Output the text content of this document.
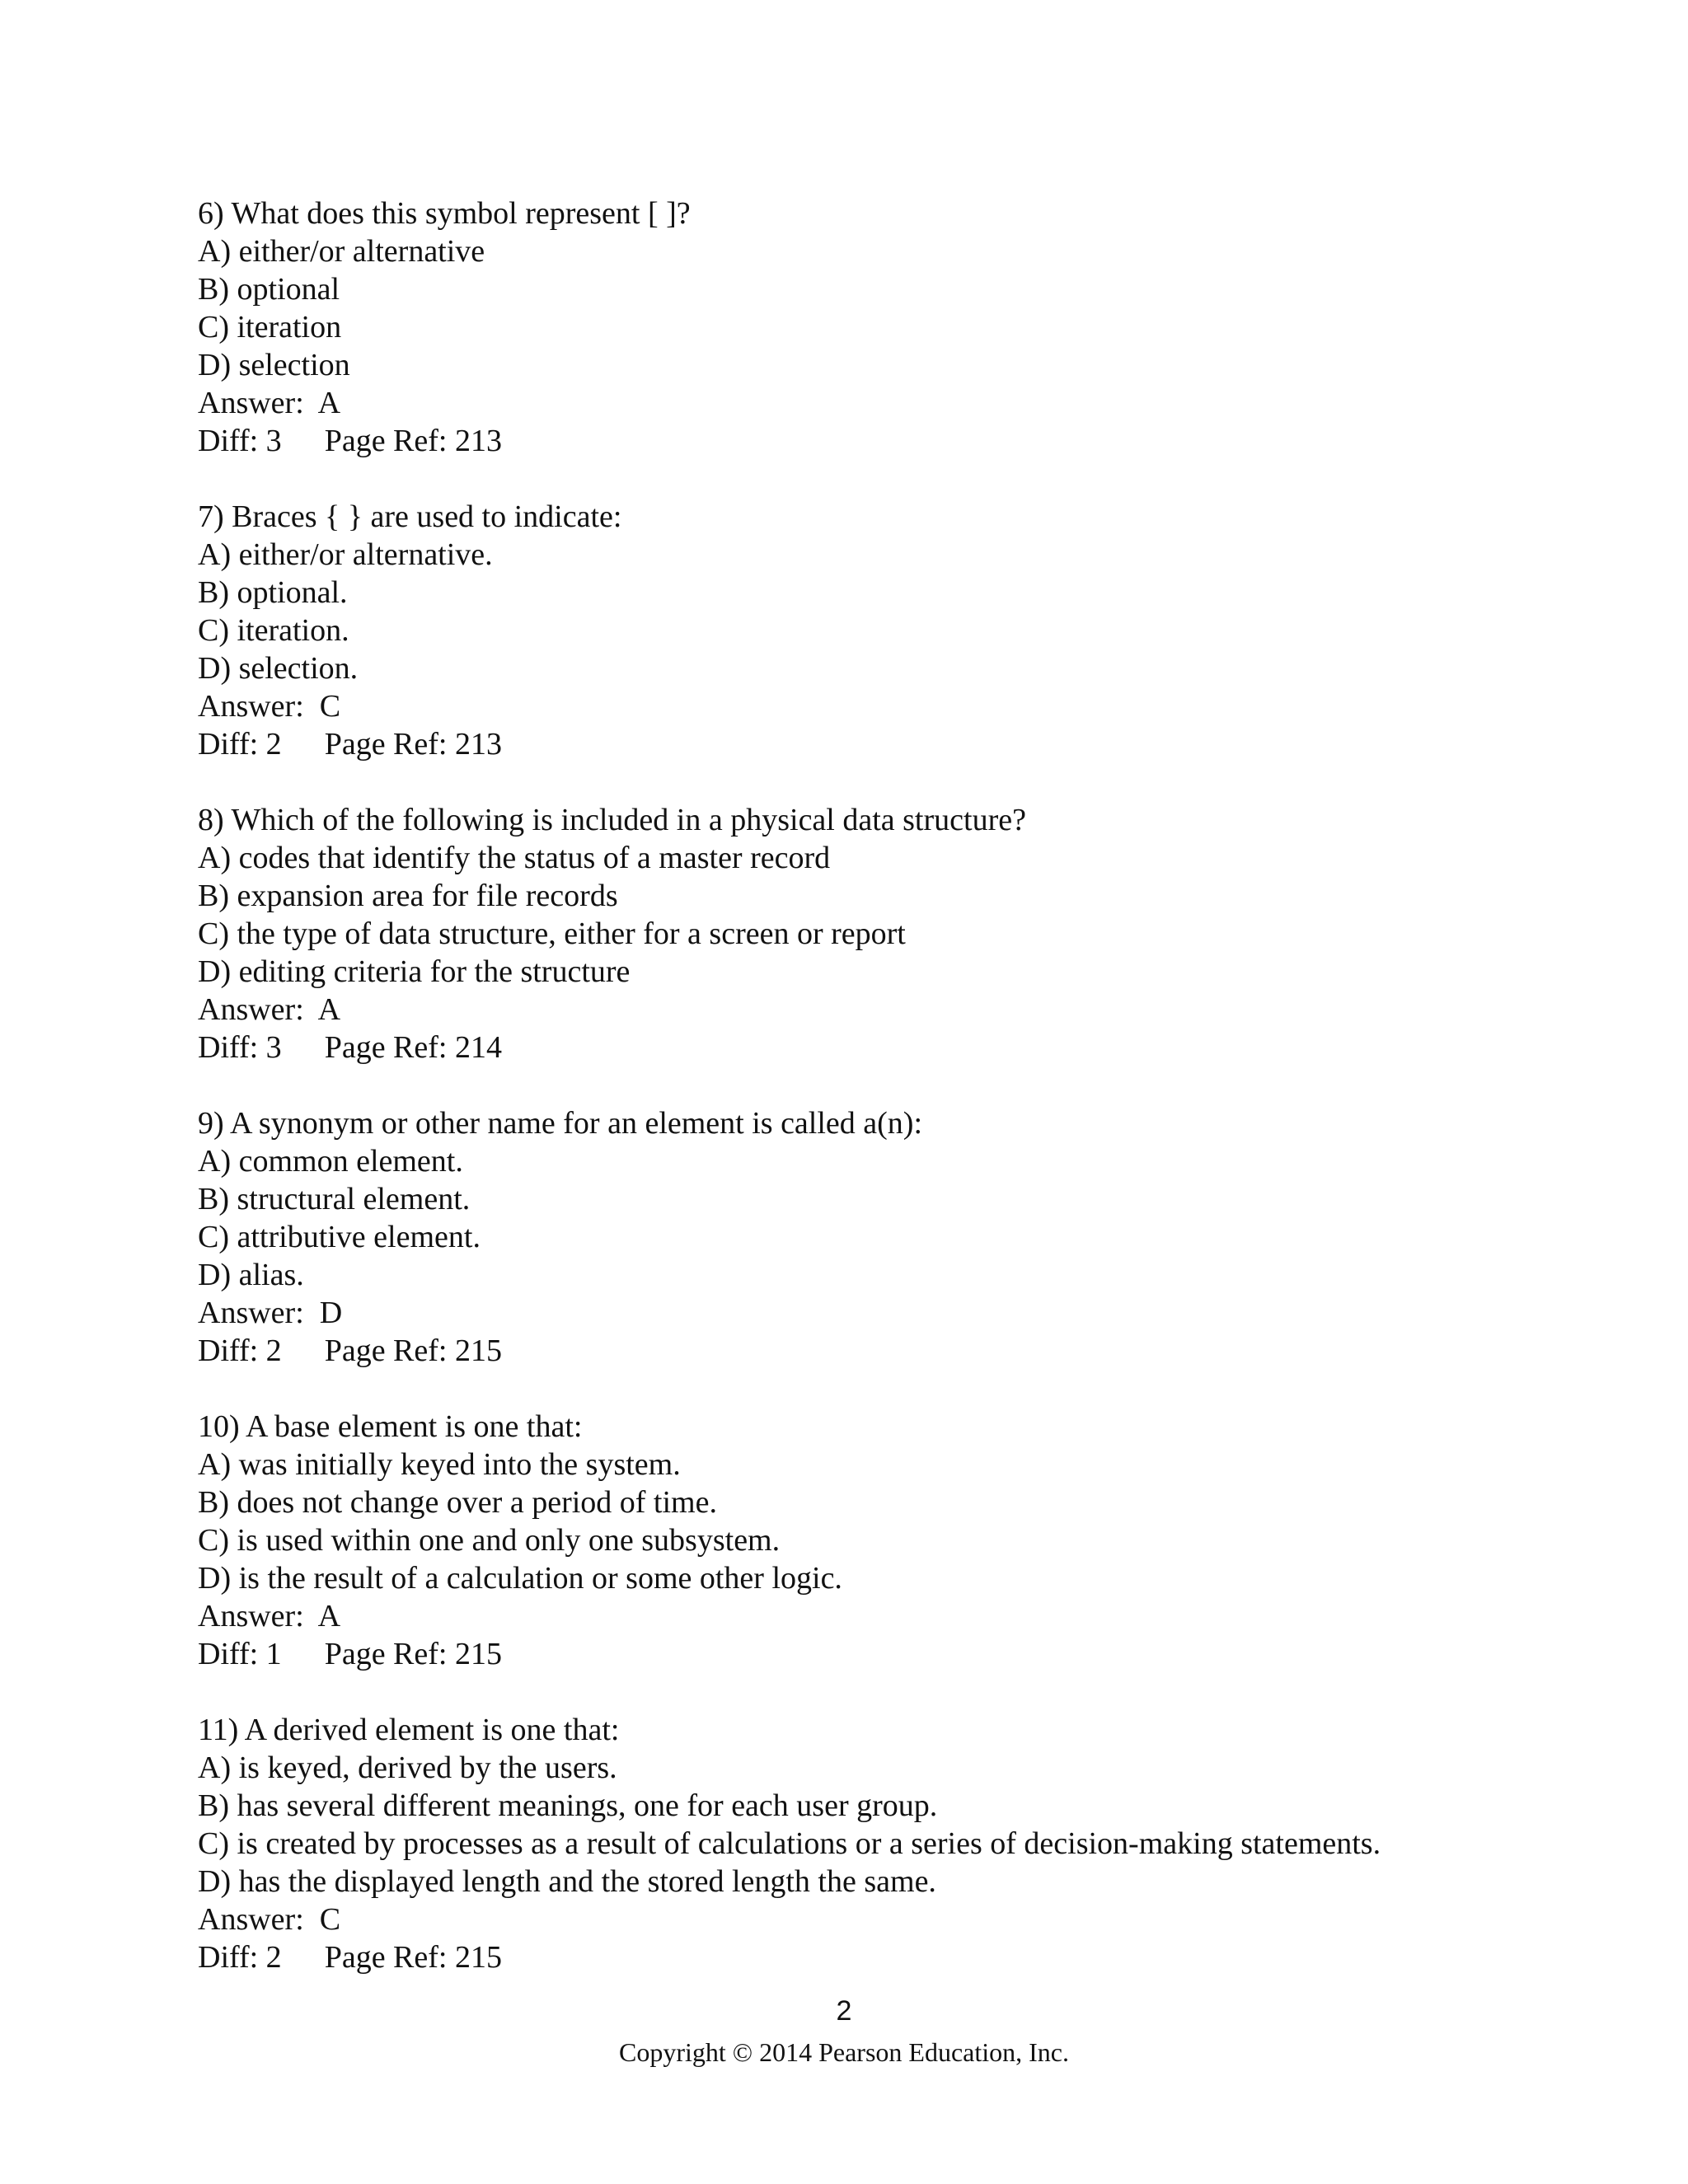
6) What does this symbol represent [ ]?
A) either/or alternative
B) optional
C) iteration
D) selection
Answer:  A
Diff: 3 Page Ref: 213
7) Braces { } are used to indicate:
A) either/or alternative.
B) optional.
C) iteration.
D) selection.
Answer:  C
Diff: 2 Page Ref: 213
8) Which of the following is included in a physical data structure?
A) codes that identify the status of a master record
B) expansion area for file records
C) the type of data structure, either for a screen or report
D) editing criteria for the structure
Answer:  A
Diff: 3 Page Ref: 214
9) A synonym or other name for an element is called a(n):
A) common element.
B) structural element.
C) attributive element.
D) alias.
Answer:  D
Diff: 2 Page Ref: 215
10) A base element is one that:
A) was initially keyed into the system.
B) does not change over a period of time.
C) is used within one and only one subsystem.
D) is the result of a calculation or some other logic.
Answer:  A
Diff: 1 Page Ref: 215
11) A derived element is one that:
A) is keyed, derived by the users.
B) has several different meanings, one for each user group.
C) is created by processes as a result of calculations or a series of decision-making statements.
D) has the displayed length and the stored length the same.
Answer:  C
Diff: 2 Page Ref: 215
2
Copyright © 2014 Pearson Education, Inc.
